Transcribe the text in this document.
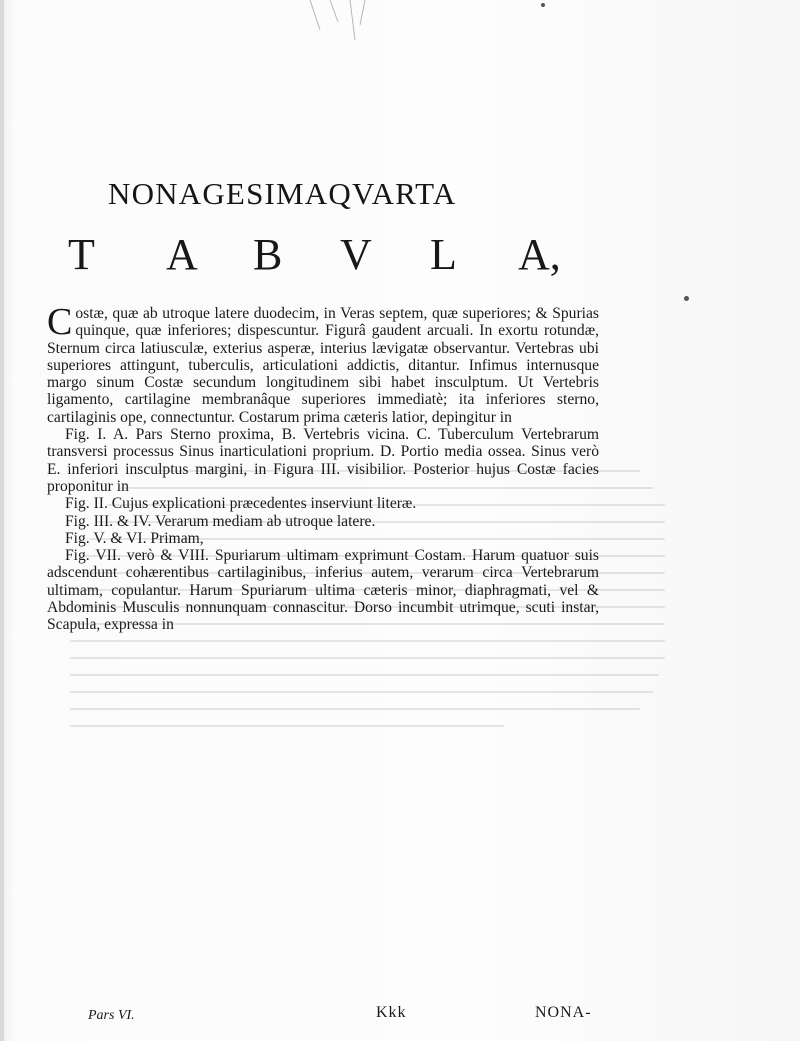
NONAGESIMAQVARTA
T A B V L A,

Costæ, quæ ab utroque latere duodecim, in Veras septem, quæ superiores; & Spurias quinque, quæ inferiores; dispescuntur. Figurâ gaudent arcuali. In exortu rotundæ, Sternum circa latiusculæ, exterius asperæ, interius lævigatæ observantur. Vertebras ubi superiores attingunt, tuberculis, articulationi addictis, ditantur. Infimus internusque margo sinum Costæ secundum longitudinem sibi habet insculptum. Ut Vertebris ligamento, cartilagine membranâque superiores immediatè; ita inferiores sterno, cartilaginis ope, connectuntur. Costarum prima cæteris latior, depingitur in

Fig. I. A. Pars Sterno proxima, B. Vertebris vicina. C. Tuberculum Vertebrarum transversi processus Sinus inarticulationi proprium. D. Portio media ossea. Sinus verò E. inferiori insculptus margini, in Figura III. visibilior. Posterior hujus Costæ facies proponitur in

Fig. II. Cujus explicationi præcedentes inserviunt literæ.

Fig. III. & IV. Verarum mediam ab utroque latere.

Fig. V. & VI. Primam,

Fig. VII. verò & VIII. Spuriarum ultimam exprimunt Costam. Harum quatuor suis adscendunt cohærentibus cartilaginibus, inferius autem, verarum circa Vertebrarum ultimam, copulantur. Harum Spuriarum ultima cæteris minor, diaphragmati, vel & Abdominis Musculis nonnunquam connascitur. Dorso incumbit utrimque, scuti instar, Scapula, expressa in

Pars VI.	Kkk	NONA-
